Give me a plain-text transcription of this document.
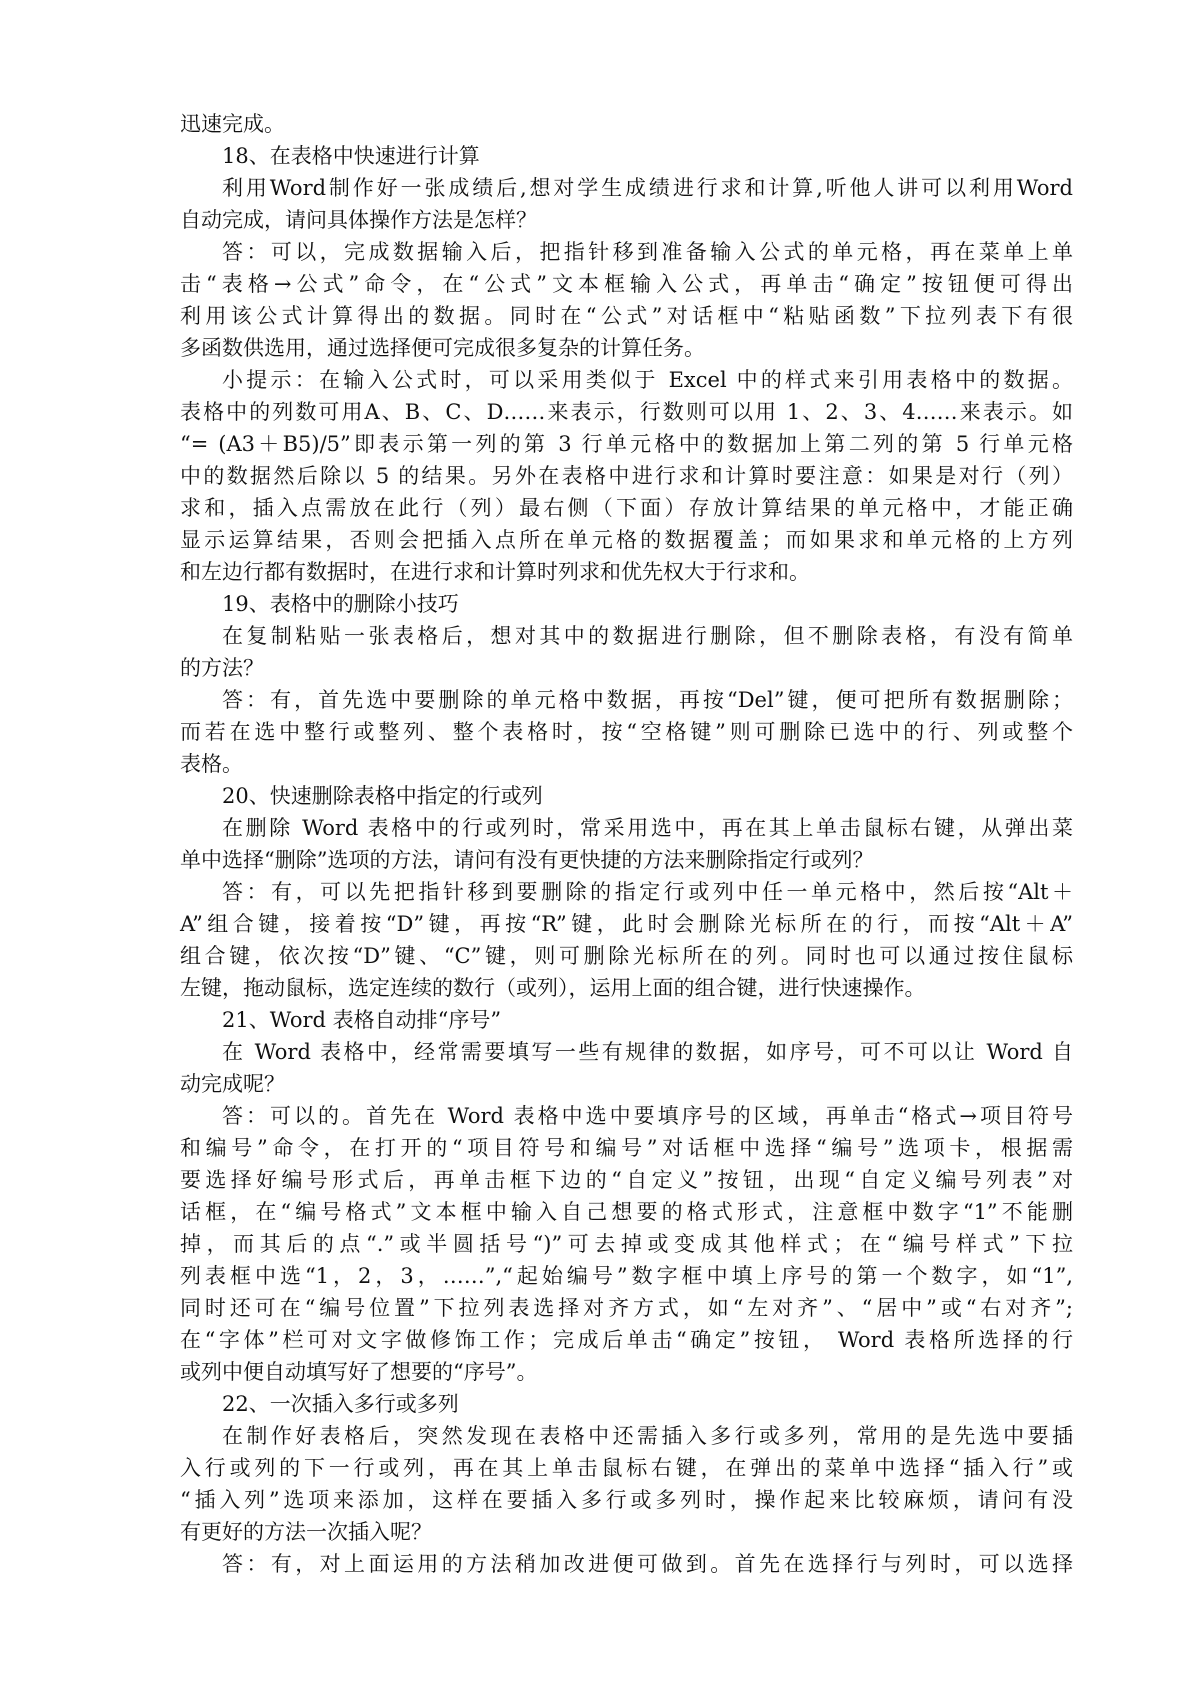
迅速完成。
18、在表格中快速进行计算
利用Word制作好一张成绩后,想对学生成绩进行求和计算,听他人讲可以利用Word
自动完成，请问具体操作方法是怎样？
答：可以，完成数据输入后，把指针移到准备输入公式的单元格，再在菜单上单
击“表格→公式”命令，在“公式”文本框输入公式，再单击“确定”按钮便可得出
利用该公式计算得出的数据。同时在“公式”对话框中“粘贴函数”下拉列表下有很
多函数供选用，通过选择便可完成很多复杂的计算任务。
小提示：在输入公式时，可以采用类似于 Excel 中的样式来引用表格中的数据。
表格中的列数可用A、B、C、D……来表示，行数则可以用 1、2、3、4……来表示。如
“= (A3＋B5)/5”即表示第一列的第 3 行单元格中的数据加上第二列的第 5 行单元格
中的数据然后除以 5 的结果。另外在表格中进行求和计算时要注意：如果是对行（列）
求和，插入点需放在此行（列）最右侧（下面）存放计算结果的单元格中，才能正确
显示运算结果，否则会把插入点所在单元格的数据覆盖；而如果求和单元格的上方列
和左边行都有数据时，在进行求和计算时列求和优先权大于行求和。
19、表格中的删除小技巧
在复制粘贴一张表格后，想对其中的数据进行删除，但不删除表格，有没有简单
的方法？
答：有，首先选中要删除的单元格中数据，再按“Del”键，便可把所有数据删除；
而若在选中整行或整列、整个表格时，按“空格键”则可删除已选中的行、列或整个
表格。
20、快速删除表格中指定的行或列
在删除 Word 表格中的行或列时，常采用选中，再在其上单击鼠标右键，从弹出菜
单中选择“删除”选项的方法，请问有没有更快捷的方法来删除指定行或列？
答：有，可以先把指针移到要删除的指定行或列中任一单元格中，然后按“Alt＋
A”组合键，接着按“D”键，再按“R”键，此时会删除光标所在的行，而按“Alt＋A”
组合键，依次按“D”键、“C”键，则可删除光标所在的列。同时也可以通过按住鼠标
左键，拖动鼠标，选定连续的数行（或列），运用上面的组合键，进行快速操作。
21、Word 表格自动排“序号”
在 Word 表格中，经常需要填写一些有规律的数据，如序号，可不可以让 Word 自
动完成呢？
答：可以的。首先在 Word 表格中选中要填序号的区域，再单击“格式→项目符号
和编号”命令，在打开的“项目符号和编号”对话框中选择“编号”选项卡，根据需
要选择好编号形式后，再单击框下边的“自定义”按钮，出现“自定义编号列表”对
话框，在“编号格式”文本框中输入自己想要的格式形式，注意框中数字“1”不能删
掉，而其后的点“.”或半圆括号“)”可去掉或变成其他样式；在“编号样式”下拉
列表框中选“1，2，3，……”,“起始编号”数字框中填上序号的第一个数字，如“1”,
同时还可在“编号位置”下拉列表选择对齐方式，如“左对齐”、“居中”或“右对齐”;
在“字体”栏可对文字做修饰工作；完成后单击“确定”按钮， Word 表格所选择的行
或列中便自动填写好了想要的“序号”。
22、一次插入多行或多列
在制作好表格后，突然发现在表格中还需插入多行或多列，常用的是先选中要插
入行或列的下一行或列，再在其上单击鼠标右键，在弹出的菜单中选择“插入行”或
“插入列”选项来添加，这样在要插入多行或多列时，操作起来比较麻烦，请问有没
有更好的方法一次插入呢？
答：有，对上面运用的方法稍加改进便可做到。首先在选择行与列时，可以选择
